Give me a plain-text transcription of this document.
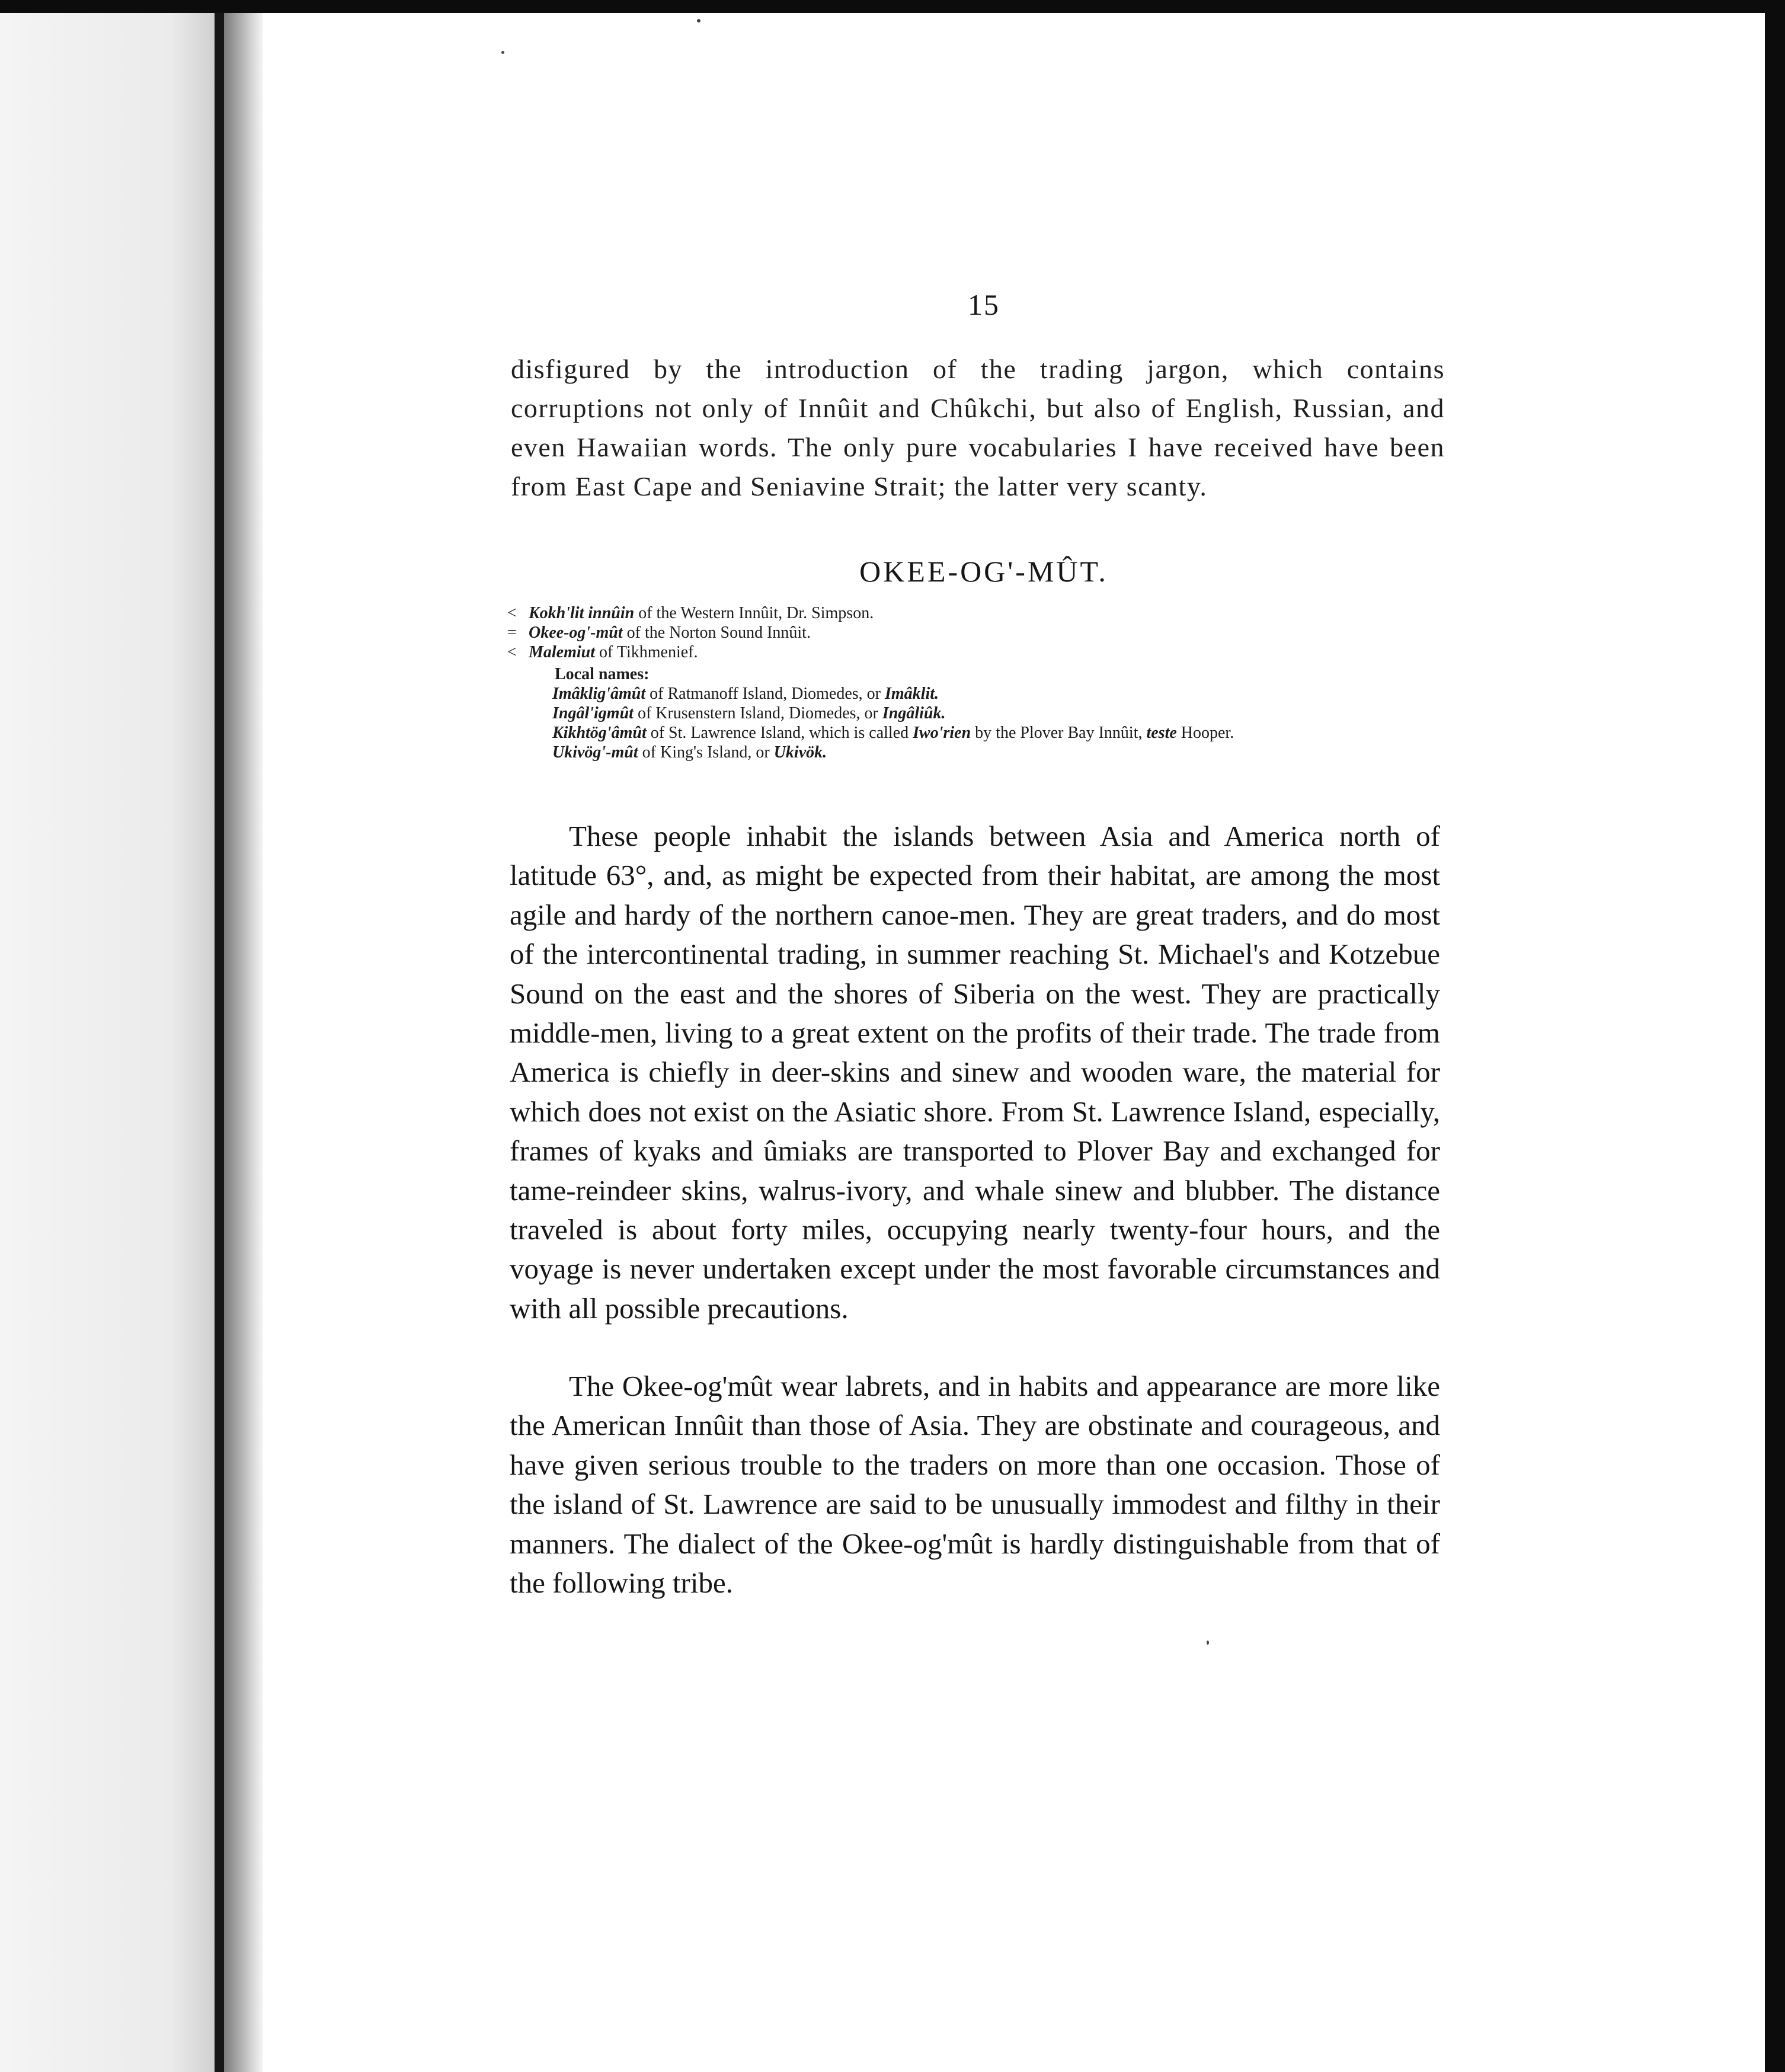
15

disfigured by the introduction of the trading jargon, which contains corruptions not only of Innûit and Chûkchi, but also of English, Russian, and even Hawaiian words. The only pure vocabularies I have received have been from East Cape and Seniavine Strait; the latter very scanty.

OKEE-OG'-MÛT.
< Kokh'lit innûin of the Western Innûit, Dr. Simpson.
= Okee-og'-mût of the Norton Sound Innûit.
< Malemiut of Tikhmenief.
Local names:
Imâklig'âmût of Ratmanoff Island, Diomedes, or Imâklit.
Ingâl'igmût of Krusenstern Island, Diomedes, or Ingâliûk.
Kikhtög'âmût of St. Lawrence Island, which is called Iwo'rien by the Plover Bay Innûit, teste Hooper.
Ukivög'-mût of King's Island, or Ukivök.

These people inhabit the islands between Asia and America north of latitude 63°, and, as might be expected from their habitat, are among the most agile and hardy of the northern canoe-men. They are great traders, and do most of the intercontinental trading, in summer reaching St. Michael's and Kotzebue Sound on the east and the shores of Siberia on the west. They are practically middle-men, living to a great extent on the profits of their trade. The trade from America is chiefly in deer-skins and sinew and wooden ware, the material for which does not exist on the Asiatic shore. From St. Lawrence Island, especially, frames of kyaks and ûmiaks are transported to Plover Bay and exchanged for tame-reindeer skins, walrus-ivory, and whale sinew and blubber. The distance traveled is about forty miles, occupying nearly twenty-four hours, and the voyage is never undertaken except under the most favorable circumstances and with all possible precautions.

The Okee-og'mût wear labrets, and in habits and appearance are more like the American Innûit than those of Asia. They are obstinate and courageous, and have given serious trouble to the traders on more than one occasion. Those of the island of St. Lawrence are said to be unusually immodest and filthy in their manners. The dialect of the Okee-og'mût is hardly distinguishable from that of the following tribe.
